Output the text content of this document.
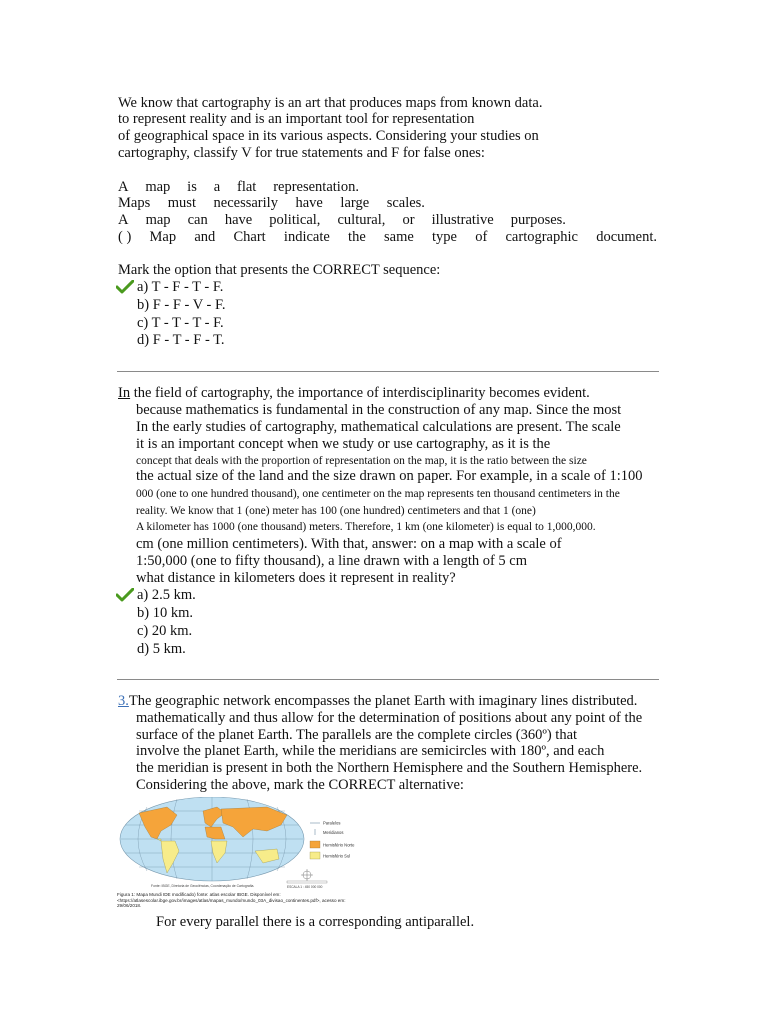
We know that cartography is an art that produces maps from known data.
to represent reality and is an important tool for representation
of geographical space in its various aspects. Considering your studies on
cartography, classify V for true statements and F for false ones:
A map is a flat representation.
Maps must necessarily have large scales.
A map can have political, cultural, or illustrative purposes.
( ) Map and Chart indicate the same type of cartographic document.
Mark the option that presents the CORRECT sequence:
a) T - F - T - F.
b) F - F - V - F.
c) T - T - T - F.
d) F - T - F - T.
In the field of cartography, the importance of interdisciplinarity becomes evident.
because mathematics is fundamental in the construction of any map. Since the most
In the early studies of cartography, mathematical calculations are present. The scale
it is an important concept when we study or use cartography, as it is the
concept that deals with the proportion of representation on the map, it is the ratio between the size
the actual size of the land and the size drawn on paper. For example, in a scale of 1:100
000 (one to one hundred thousand), one centimeter on the map represents ten thousand centimeters in the
reality. We know that 1 (one) meter has 100 (one hundred) centimeters and that 1 (one)
A kilometer has 1000 (one thousand) meters. Therefore, 1 km (one kilometer) is equal to 1,000,000.
cm (one million centimeters). With that, answer: on a map with a scale of
1:50,000 (one to fifty thousand), a line drawn with a length of 5 cm
what distance in kilometers does it represent in reality?
a) 2.5 km.
b) 10 km.
c) 20 km.
d) 5 km.
3.The geographic network encompasses the planet Earth with imaginary lines distributed.
mathematically and thus allow for the determination of positions about any point of the
surface of the planet Earth. The parallels are the complete circles (360º) that
involve the planet Earth, while the meridians are semicircles with 180º, and each
the meridian is present in both the Northern Hemisphere and the Southern Hemisphere.
Considering the above, mark the CORRECT alternative:
Paralelos
Meridianos
Hemisfério Norte
Hemisfério Sul
ESCALA 1 : 450 000 000
Fonte: IBGE, Diretoria de Geociências, Coordenação de Cartografia.
Figura 1: Mapa Mundi IDE modificado) fonte: atlas escolar IBGE. Disponível em: <https://atlasescolar.ibge.gov.br/images/atlas/mapas_mundo/mundo_03A_divisao_continentes.pdf>, acesso em: 29/06/2018.
For every parallel there is a corresponding antiparallel.
